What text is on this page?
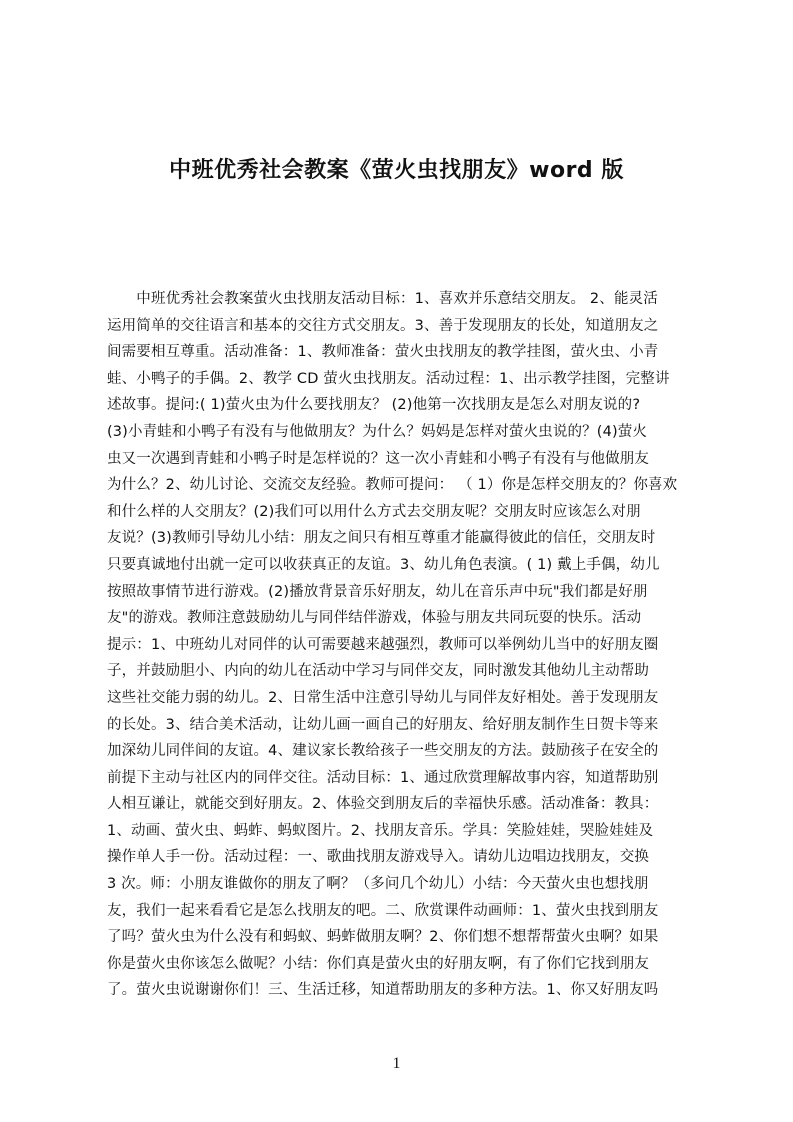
中班优秀社会教案《萤火虫找朋友》word 版
　　中班优秀社会教案萤火虫找朋友活动目标：1、喜欢并乐意结交朋友。 2、能灵活
运用简单的交往语言和基本的交往方式交朋友。3、善于发现朋友的长处，知道朋友之
间需要相互尊重。活动准备：1、教师准备：萤火虫找朋友的教学挂图，萤火虫、小青
蛙、小鸭子的手偶。2、教学 CD 萤火虫找朋友。活动过程：1、出示教学挂图，完整讲
述故事。提问:( 1)萤火虫为什么要找朋友？ (2)他第一次找朋友是怎么对朋友说的?
(3)小青蛙和小鸭子有没有与他做朋友？为什么？妈妈是怎样对萤火虫说的？(4)萤火
虫又一次遇到青蛙和小鸭子时是怎样说的？这一次小青蛙和小鸭子有没有与他做朋友
为什么？2、幼儿讨论、交流交友经验。教师可提问： （ 1）你是怎样交朋友的？你喜欢
和什么样的人交朋友？(2)我们可以用什么方式去交朋友呢？交朋友时应该怎么对朋
友说？(3)教师引导幼儿小结：朋友之间只有相互尊重才能赢得彼此的信任，交朋友时
只要真诚地付出就一定可以收获真正的友谊。3、幼儿角色表演。( 1) 戴上手偶，幼儿
按照故事情节进行游戏。(2)播放背景音乐好朋友，幼儿在音乐声中玩"我们都是好朋
友"的游戏。教师注意鼓励幼儿与同伴结伴游戏，体验与朋友共同玩耍的快乐。活动
提示：1、中班幼儿对同伴的认可需要越来越强烈，教师可以举例幼儿当中的好朋友圈
子，并鼓励胆小、内向的幼儿在活动中学习与同伴交友，同时激发其他幼儿主动帮助
这些社交能力弱的幼儿。2、日常生活中注意引导幼儿与同伴友好相处。善于发现朋友
的长处。3、结合美术活动，让幼儿画一画自己的好朋友、给好朋友制作生日贺卡等来
加深幼儿同伴间的友谊。4、建议家长教给孩子一些交朋友的方法。鼓励孩子在安全的
前提下主动与社区内的同伴交往。活动目标：1、通过欣赏理解故事内容，知道帮助别
人相互谦让，就能交到好朋友。2、体验交到朋友后的幸福快乐感。活动准备：教具：
1、动画、萤火虫、蚂蚱、蚂蚁图片。2、找朋友音乐。学具：笑脸娃娃，哭脸娃娃及
操作单人手一份。活动过程：一、歌曲找朋友游戏导入。请幼儿边唱边找朋友，交换
3 次。师：小朋友谁做你的朋友了啊？（多问几个幼儿）小结：今天萤火虫也想找朋
友，我们一起来看看它是怎么找朋友的吧。二、欣赏课件动画师：1、萤火虫找到朋友
了吗？萤火虫为什么没有和蚂蚁、蚂蚱做朋友啊？2、你们想不想帮帮萤火虫啊？如果
你是萤火虫你该怎么做呢？小结：你们真是萤火虫的好朋友啊，有了你们它找到朋友
了。萤火虫说谢谢你们！三、生活迁移，知道帮助朋友的多种方法。1、你又好朋友吗
1
